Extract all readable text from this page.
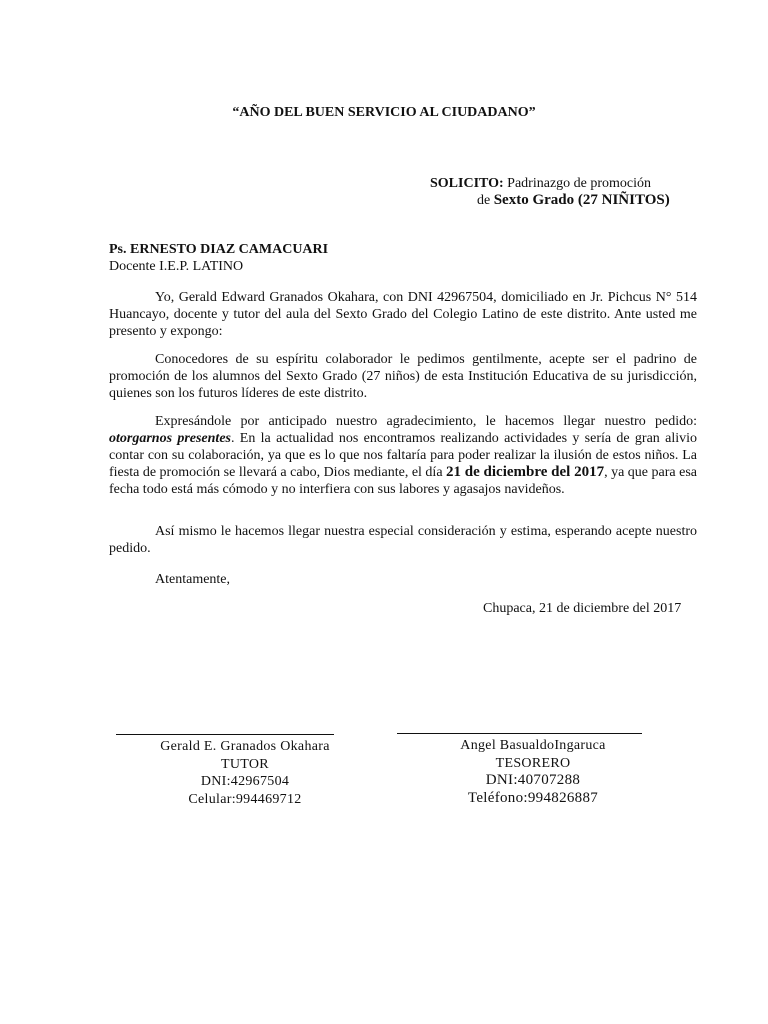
“AÑO DEL BUEN SERVICIO AL CIUDADANO”
SOLICITO: Padrinazgo de promoción
de Sexto Grado (27 NIÑITOS)
Ps. ERNESTO DIAZ CAMACUARI
Docente I.E.P. LATINO
Yo, Gerald Edward Granados Okahara, con DNI 42967504, domiciliado en Jr. Pichcus N° 514 Huancayo, docente y tutor del aula del Sexto Grado del Colegio Latino de este distrito. Ante usted me presento y expongo:
Conocedores de su espíritu colaborador le pedimos gentilmente, acepte ser el padrino de promoción de los alumnos del Sexto Grado (27 niños) de esta Institución Educativa de su jurisdicción, quienes son los futuros líderes de este distrito.
Expresándole por anticipado nuestro agradecimiento, le hacemos llegar nuestro pedido: otorgarnos presentes. En la actualidad nos encontramos realizando actividades y sería de gran alivio contar con su colaboración, ya que es lo que nos faltaría para poder realizar la ilusión de estos niños. La fiesta de promoción se llevará a cabo, Dios mediante, el día 21 de diciembre del 2017, ya que para esa fecha todo está más cómodo y no interfiera con sus labores y agasajos navideños.
Así mismo le hacemos llegar nuestra especial consideración y estima, esperando acepte nuestro pedido.
Atentamente,
Chupaca, 21 de diciembre del 2017
Gerald E. Granados Okahara
TUTOR
DNI:42967504
Celular:994469712
Angel BasualdoIngaruca
TESORERO
DNI:40707288
Teléfono:994826887
